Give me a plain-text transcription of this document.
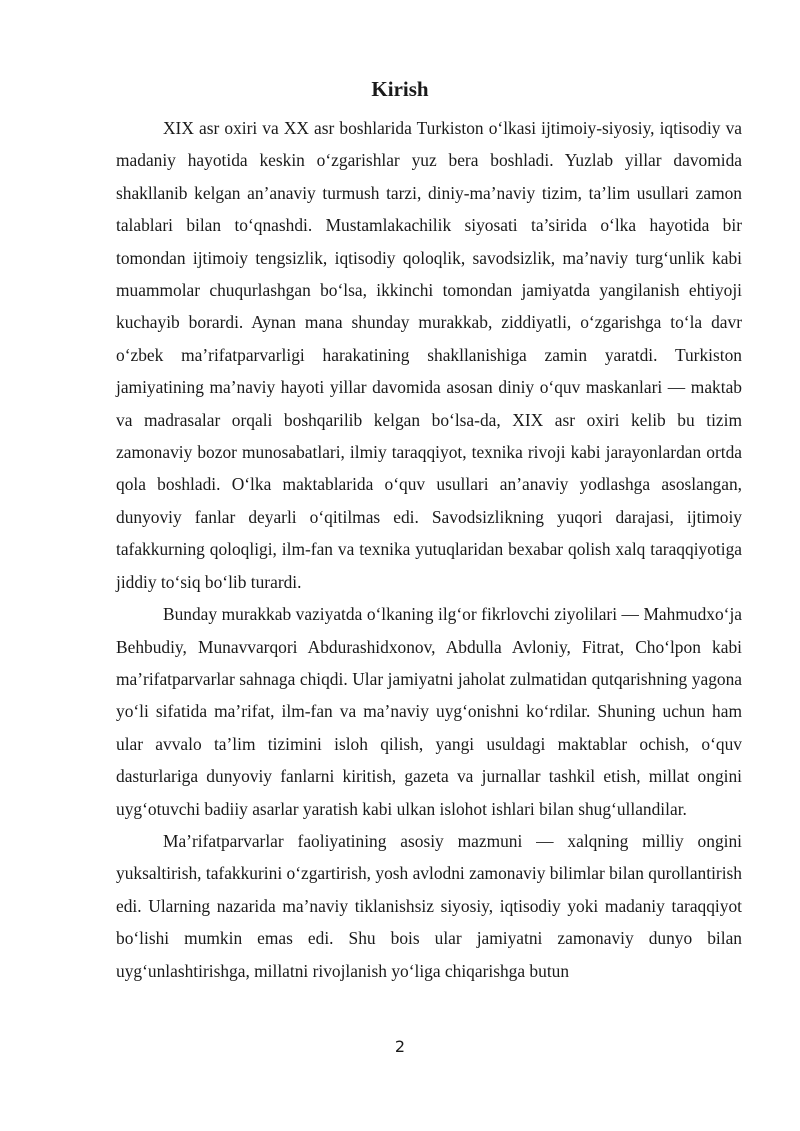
Kirish

XIX asr oxiri va XX asr boshlarida Turkiston o‘lkasi ijtimoiy-siyosiy, iqtisodiy va madaniy hayotida keskin o‘zgarishlar yuz bera boshladi. Yuzlab yillar davomida shakllanib kelgan an’anaviy turmush tarzi, diniy-ma’naviy tizim, ta’lim usullari zamon talablari bilan to‘qnashdi. Mustamlakachilik siyosati ta’sirida o‘lka hayotida bir tomondan ijtimoiy tengsizlik, iqtisodiy qoloqlik, savodsizlik, ma’naviy turg‘unlik kabi muammolar chuqurlashgan bo‘lsa, ikkinchi tomondan jamiyatda yangilanish ehtiyoji kuchayib borardi. Aynan mana shunday murakkab, ziddiyatli, o‘zgarishga to‘la davr o‘zbek ma’rifatparvarligi harakatining shakllanishiga zamin yaratdi. Turkiston jamiyatining ma’naviy hayoti yillar davomida asosan diniy o‘quv maskanlari — maktab va madrasalar orqali boshqarilib kelgan bo‘lsa-da, XIX asr oxiri kelib bu tizim zamonaviy bozor munosabatlari, ilmiy taraqqiyot, texnika rivoji kabi jarayonlardan ortda qola boshladi. O‘lka maktablarida o‘quv usullari an’anaviy yodlashga asoslangan, dunyoviy fanlar deyarli o‘qitilmas edi. Savodsizlikning yuqori darajasi, ijtimoiy tafakkurning qoloqligi, ilm-fan va texnika yutuqlaridan bexabar qolish xalq taraqqiyotiga jiddiy to‘siq bo‘lib turardi.

Bunday murakkab vaziyatda o‘lkaning ilg‘or fikrlovchi ziyolilari — Mahmudxo‘ja Behbudiy, Munavvarqori Abdurashidxonov, Abdulla Avloniy, Fitrat, Cho‘lpon kabi ma’rifatparvarlar sahnaga chiqdi. Ular jamiyatni jaholat zulmatidan qutqarishning yagona yo‘li sifatida ma’rifat, ilm-fan va ma’naviy uyg‘onishni ko‘rdilar. Shuning uchun ham ular avvalo ta’lim tizimini isloh qilish, yangi usuldagi maktablar ochish, o‘quv dasturlariga dunyoviy fanlarni kiritish, gazeta va jurnallar tashkil etish, millat ongini uyg‘otuvchi badiiy asarlar yaratish kabi ulkan islohot ishlari bilan shug‘ullandilar.

Ma’rifatparvarlar faoliyatining asosiy mazmuni — xalqning milliy ongini yuksaltirish, tafakkurini o‘zgartirish, yosh avlodni zamonaviy bilimlar bilan qurollantirish edi. Ularning nazarida ma’naviy tiklanishsiz siyosiy, iqtisodiy yoki madaniy taraqqiyot bo‘lishi mumkin emas edi. Shu bois ular jamiyatni zamonaviy dunyo bilan uyg‘unlashtirishga, millatni rivojlanish yo‘liga chiqarishga butun

2
